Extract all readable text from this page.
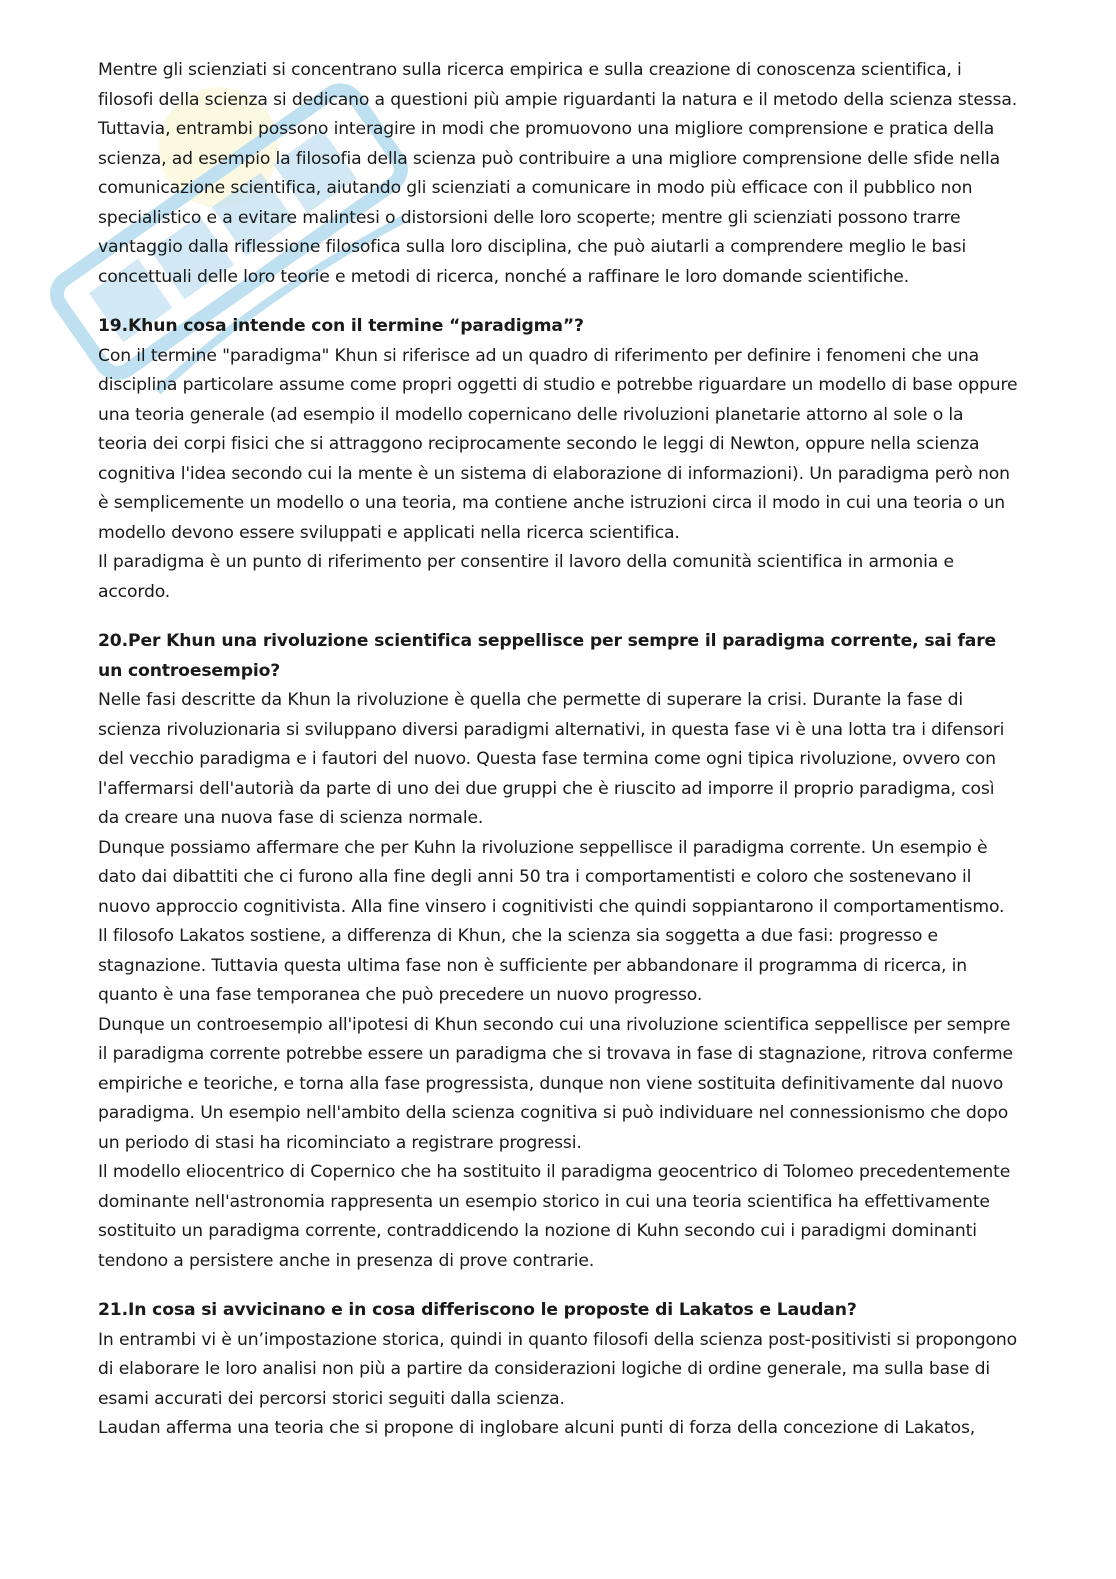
Mentre gli scienziati si concentrano sulla ricerca empirica e sulla creazione di conoscenza scientifica, i filosofi della scienza si dedicano a questioni più ampie riguardanti la natura e il metodo della scienza stessa. Tuttavia, entrambi possono interagire in modi che promuovono una migliore comprensione e pratica della scienza, ad esempio la filosofia della scienza può contribuire a una migliore comprensione delle sfide nella comunicazione scientifica, aiutando gli scienziati a comunicare in modo più efficace con il pubblico non specialistico e a evitare malintesi o distorsioni delle loro scoperte; mentre gli scienziati possono trarre vantaggio dalla riflessione filosofica sulla loro disciplina, che può aiutarli a comprendere meglio le basi concettuali delle loro teorie e metodi di ricerca, nonché a raffinare le loro domande scientifiche.

19.Khun cosa intende con il termine “paradigma”?

Con il termine "paradigma" Khun si riferisce ad un quadro di riferimento per definire i fenomeni che una disciplina particolare assume come propri oggetti di studio e potrebbe riguardare un modello di base oppure una teoria generale (ad esempio il modello copernicano delle rivoluzioni planetarie attorno al sole o la teoria dei corpi fisici che si attraggono reciprocamente secondo le leggi di Newton, oppure nella scienza cognitiva l'idea secondo cui la mente è un sistema di elaborazione di informazioni). Un paradigma però non è semplicemente un modello o una teoria, ma contiene anche istruzioni circa il modo in cui una teoria o un modello devono essere sviluppati e applicati nella ricerca scientifica.

Il paradigma è un punto di riferimento per consentire il lavoro della comunità scientifica in armonia e accordo.

20.Per Khun una rivoluzione scientifica seppellisce per sempre il paradigma corrente, sai fare un controesempio?

Nelle fasi descritte da Khun la rivoluzione è quella che permette di superare la crisi. Durante la fase di scienza rivoluzionaria si sviluppano diversi paradigmi alternativi, in questa fase vi è una lotta tra i difensori del vecchio paradigma e i fautori del nuovo. Questa fase termina come ogni tipica rivoluzione, ovvero con l'affermarsi dell'autorià da parte di uno dei due gruppi che è riuscito ad imporre il proprio paradigma, così da creare una nuova fase di scienza normale.

Dunque possiamo affermare che per Kuhn la rivoluzione seppellisce il paradigma corrente. Un esempio è dato dai dibattiti che ci furono alla fine degli anni 50 tra i comportamentisti e coloro che sostenevano il nuovo approccio cognitivista. Alla fine vinsero i cognitivisti che quindi soppiantarono il comportamentismo.

Il filosofo Lakatos sostiene, a differenza di Khun, che la scienza sia soggetta a due fasi: progresso e stagnazione. Tuttavia questa ultima fase non è sufficiente per abbandonare il programma di ricerca, in quanto è una fase temporanea che può precedere un nuovo progresso.

Dunque un controesempio all'ipotesi di Khun secondo cui una rivoluzione scientifica seppellisce per sempre il paradigma corrente potrebbe essere un paradigma che si trovava in fase di stagnazione, ritrova conferme empiriche e teoriche, e torna alla fase progressista, dunque non viene sostituita definitivamente dal nuovo paradigma. Un esempio nell'ambito della scienza cognitiva si può individuare nel connessionismo che dopo un periodo di stasi ha ricominciato a registrare progressi.

Il modello eliocentrico di Copernico che ha sostituito il paradigma geocentrico di Tolomeo precedentemente dominante nell'astronomia rappresenta un esempio storico in cui una teoria scientifica ha effettivamente sostituito un paradigma corrente, contraddicendo la nozione di Kuhn secondo cui i paradigmi dominanti tendono a persistere anche in presenza di prove contrarie.

21.In cosa si avvicinano e in cosa differiscono le proposte di Lakatos e Laudan?

In entrambi vi è un’impostazione storica, quindi in quanto filosofi della scienza post-positivisti si propongono di elaborare le loro analisi non più a partire da considerazioni logiche di ordine generale, ma sulla base di esami accurati dei percorsi storici seguiti dalla scienza.

Laudan afferma una teoria che si propone di inglobare alcuni punti di forza della concezione di Lakatos,
